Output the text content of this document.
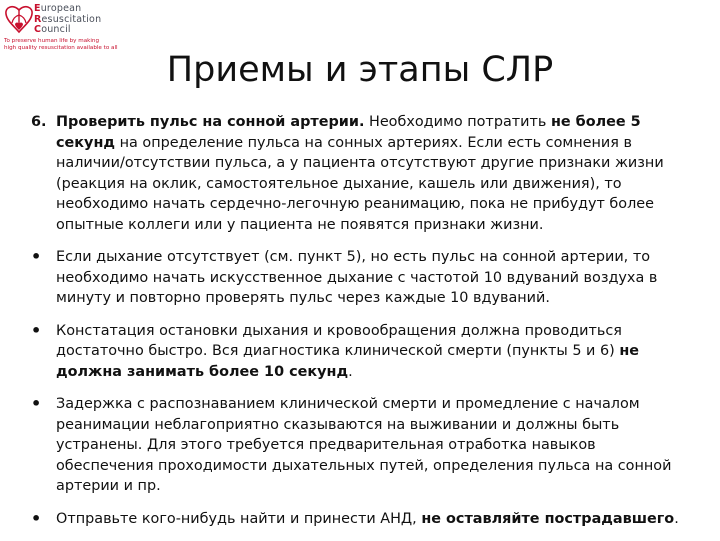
European
Resuscitation
Council
To preserve human life by making
high quality resuscitation available to all
Приемы и этапы СЛР
6. Проверить пульс на сонной артерии. Необходимо потратить не более 5 секунд на определение пульса на сонных артериях. Если есть сомнения в наличии/отсутствии пульса, а у пациента отсутствуют другие признаки жизни (реакция на оклик, самостоятельное дыхание, кашель или движения), то необходимо начать сердечно-легочную реанимацию, пока не прибудут более опытные коллеги или у пациента не появятся признаки жизни.
• Если дыхание отсутствует (см. пункт 5), но есть пульс на сонной артерии, то необходимо начать искусственное дыхание с частотой 10 вдуваний воздуха в минуту и повторно проверять пульс через каждые 10 вдуваний.
• Констатация остановки дыхания и кровообращения должна проводиться достаточно быстро. Вся диагностика клинической смерти (пункты 5 и 6) не должна занимать более 10 секунд.
• Задержка с распознаванием клинической смерти и промедление с началом реанимации неблагоприятно сказываются на выживании и должны быть устранены. Для этого требуется предварительная отработка навыков обеспечения проходимости дыхательных путей, определения пульса на сонной артерии и пр.
• Отправьте кого-нибудь найти и принести АНД, не оставляйте пострадавшего.
